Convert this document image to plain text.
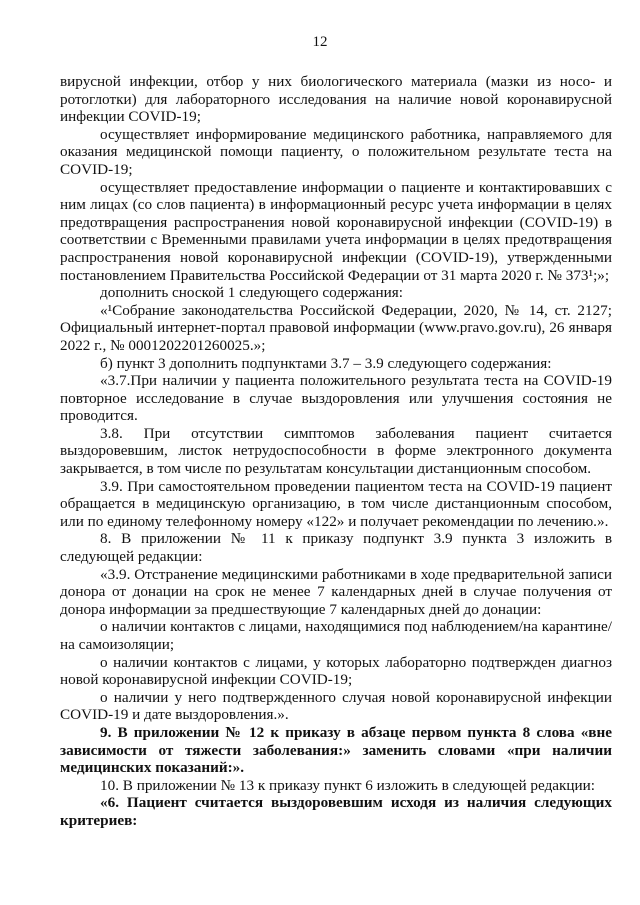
12

вирусной инфекции, отбор у них биологического материала (мазки из носо- и ротоглотки) для лабораторного исследования на наличие новой коронавирусной инфекции COVID-19;

осуществляет информирование медицинского работника, направляемого для оказания медицинской помощи пациенту, о положительном результате теста на COVID-19;

осуществляет предоставление информации о пациенте и контактировавших с ним лицах (со слов пациента) в информационный ресурс учета информации в целях предотвращения распространения новой коронавирусной инфекции (COVID-19) в соответствии с Временными правилами учета информации в целях предотвращения распространения новой коронавирусной инфекции (COVID-19), утвержденными постановлением Правительства Российской Федерации от 31 марта 2020 г. № 373¹;»;

дополнить сноской 1 следующего содержания:

«¹Собрание законодательства Российской Федерации, 2020, № 14, ст. 2127; Официальный интернет-портал правовой информации (www.pravo.gov.ru), 26 января 2022 г., № 0001202201260025.»;

б) пункт 3 дополнить подпунктами 3.7 – 3.9 следующего содержания:

«3.7.При наличии у пациента положительного результата теста на COVID-19 повторное исследование в случае выздоровления или улучшения состояния не проводится.

3.8. При отсутствии симптомов заболевания пациент считается выздоровевшим, листок нетрудоспособности в форме электронного документа закрывается, в том числе по результатам консультации дистанционным способом.

3.9. При самостоятельном проведении пациентом теста на COVID-19 пациент обращается в медицинскую организацию, в том числе дистанционным способом, или по единому телефонному номеру «122» и получает рекомендации по лечению.».

8. В приложении № 11 к приказу подпункт 3.9 пункта 3 изложить в следующей редакции:

«3.9. Отстранение медицинскими работниками в ходе предварительной записи донора от донации на срок не менее 7 календарных дней в случае получения от донора информации за предшествующие 7 календарных дней до донации:

о наличии контактов с лицами, находящимися под наблюдением/на карантине/ на самоизоляции;

о наличии контактов с лицами, у которых лабораторно подтвержден диагноз новой коронавирусной инфекции COVID-19;

о наличии у него подтвержденного случая новой коронавирусной инфекции COVID-19 и дате выздоровления.».

9. В приложении № 12 к приказу в абзаце первом пункта 8 слова «вне зависимости от тяжести заболевания:» заменить словами «при наличии медицинских показаний:».

10. В приложении № 13 к приказу пункт 6 изложить в следующей редакции:

«6. Пациент считается выздоровевшим исходя из наличия следующих критериев:
